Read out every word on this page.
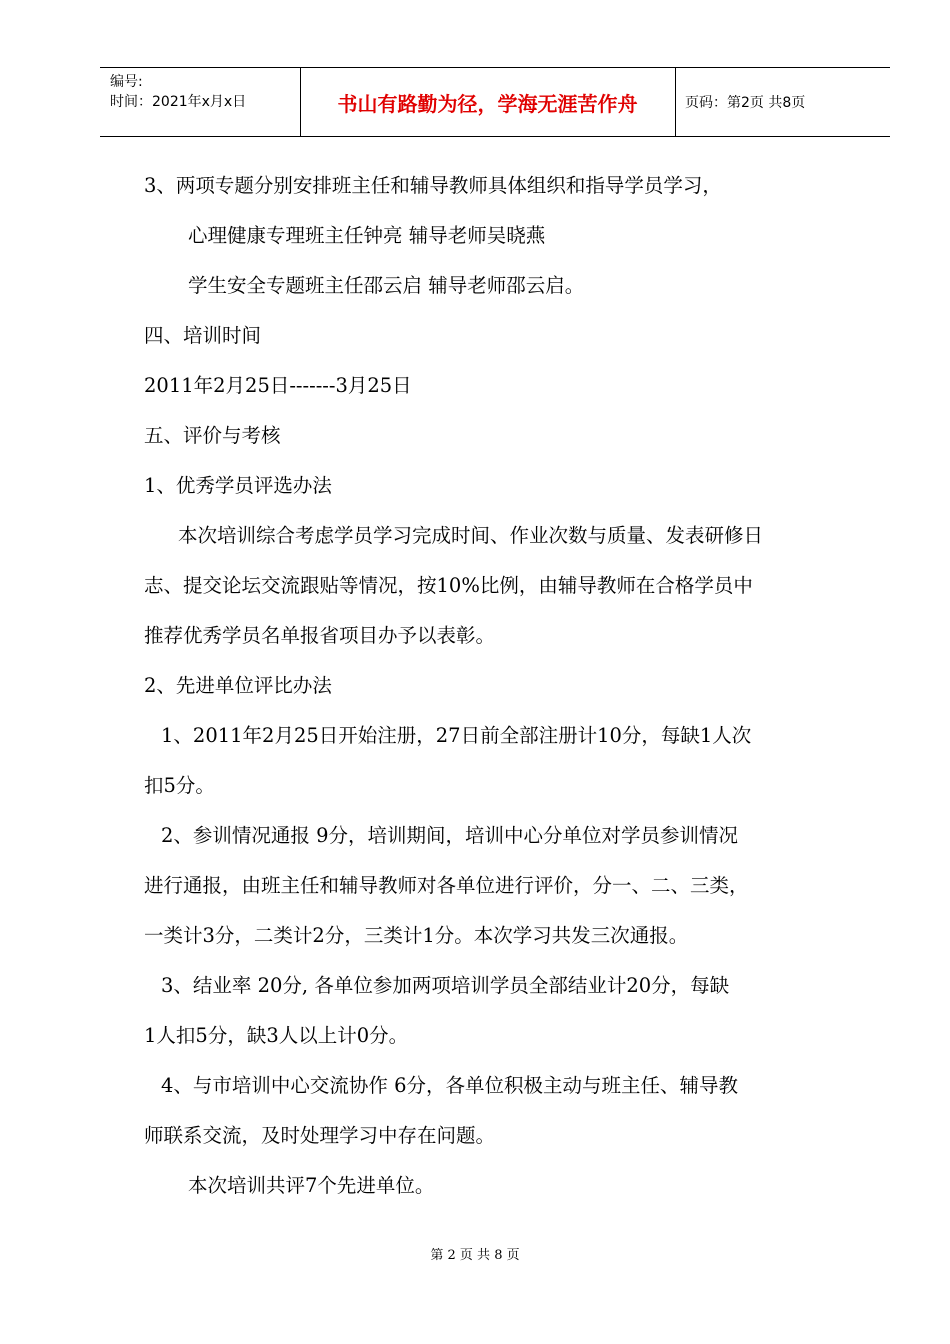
编号:
时间：2021年x月x日	书山有路勤为径，学海无涯苦作舟	页码：第2页 共8页
3、两项专题分别安排班主任和辅导教师具体组织和指导学员学习，
心理健康专理班主任钟亮 辅导老师吴晓燕
学生安全专题班主任邵云启 辅导老师邵云启。
四、培训时间
2011年2月25日-------3月25日
五、评价与考核
1、优秀学员评选办法
本次培训综合考虑学员学习完成时间、作业次数与质量、发表研修日
志、提交论坛交流跟贴等情况，按10%比例，由辅导教师在合格学员中
推荐优秀学员名单报省项目办予以表彰。
2、先进单位评比办法
1、2011年2月25日开始注册，27日前全部注册计10分，每缺1人次
扣5分。
2、参训情况通报 9分，培训期间，培训中心分单位对学员参训情况
进行通报，由班主任和辅导教师对各单位进行评价，分一、二、三类，
一类计3分，二类计2分，三类计1分。本次学习共发三次通报。
3、结业率 20分, 各单位参加两项培训学员全部结业计20分，每缺
1人扣5分，缺3人以上计0分。
4、与市培训中心交流协作 6分，各单位积极主动与班主任、辅导教
师联系交流，及时处理学习中存在问题。
本次培训共评7个先进单位。
第 2 页 共 8 页
